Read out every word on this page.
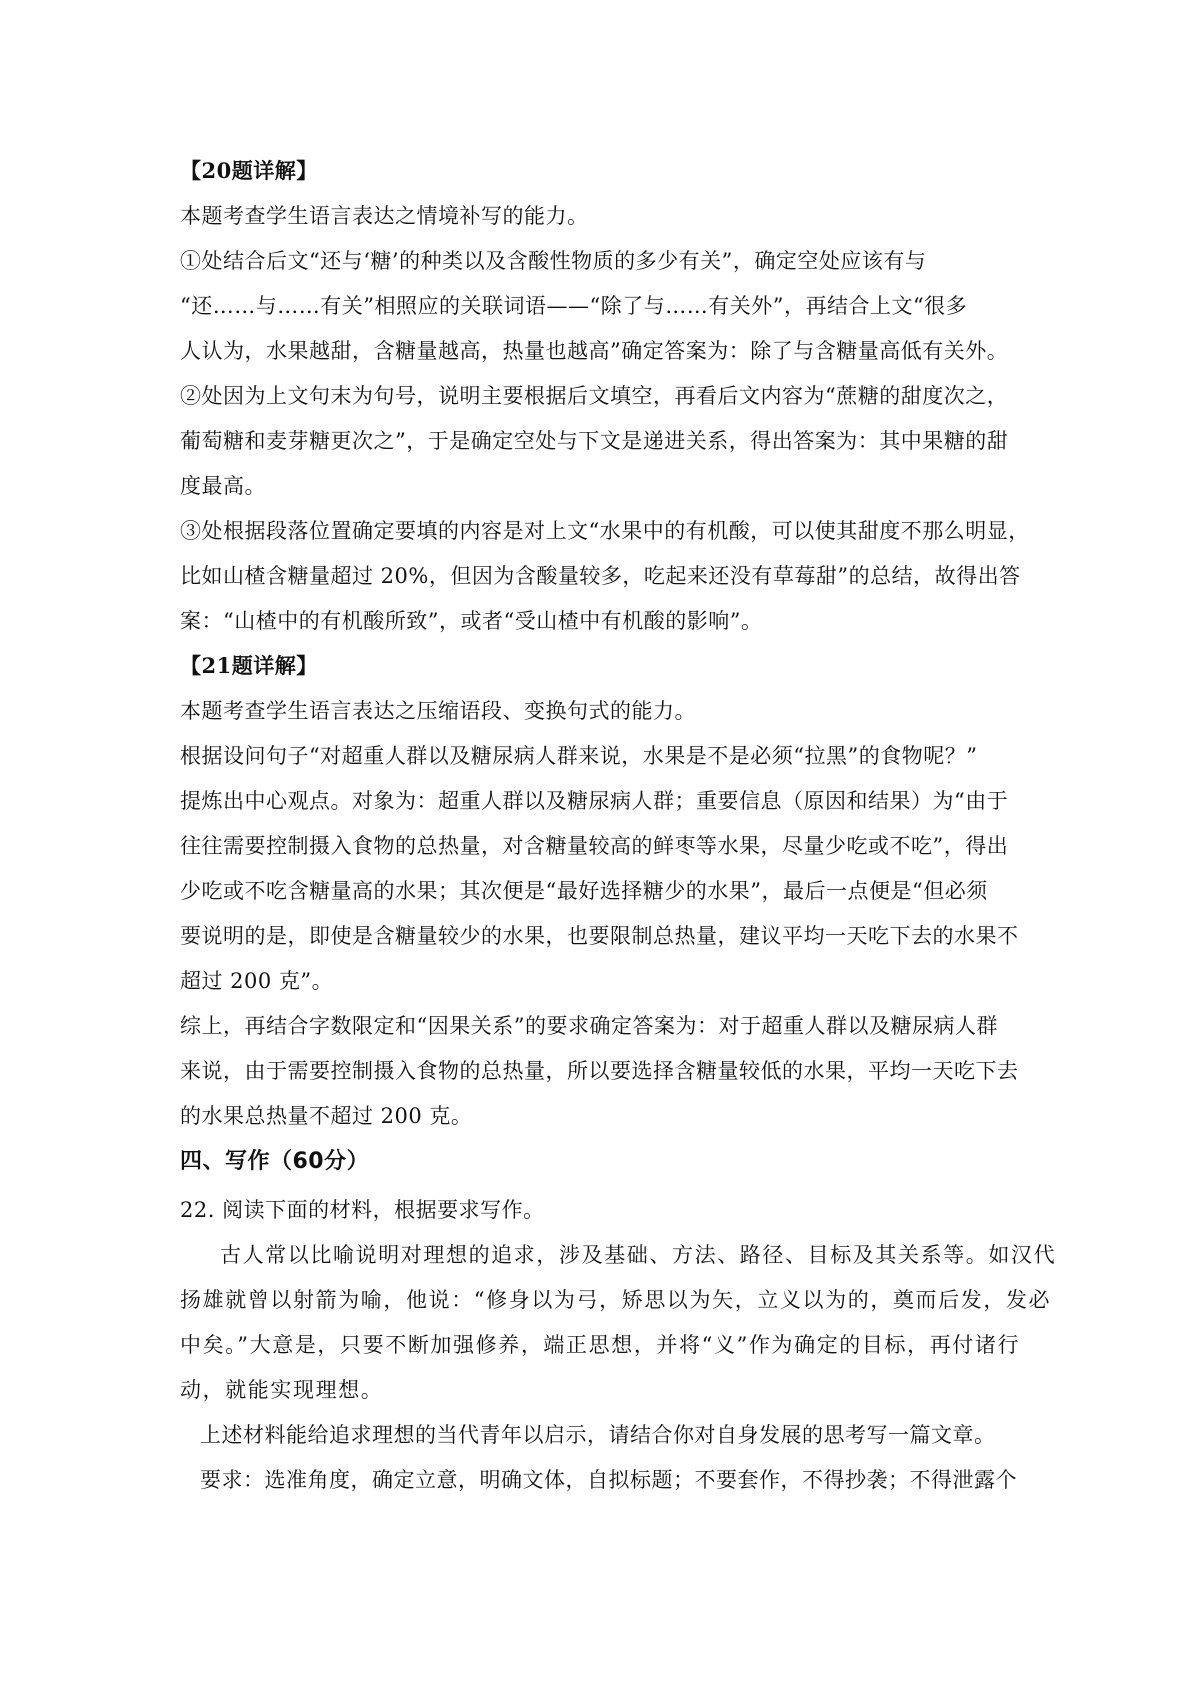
【20题详解】
本题考查学生语言表达之情境补写的能力。
①处结合后文“还与‘糖’的种类以及含酸性物质的多少有关”，确定空处应该有与
“还……与……有关”相照应的关联词语——“除了与……有关外”，再结合上文“很多
人认为，水果越甜，含糖量越高，热量也越高”确定答案为：除了与含糖量高低有关外。
②处因为上文句末为句号，说明主要根据后文填空，再看后文内容为“蔗糖的甜度次之，
葡萄糖和麦芽糖更次之”，于是确定空处与下文是递进关系，得出答案为：其中果糖的甜
度最高。
③处根据段落位置确定要填的内容是对上文“水果中的有机酸，可以使其甜度不那么明显，
比如山楂含糖量超过 20%，但因为含酸量较多，吃起来还没有草莓甜”的总结，故得出答
案：“山楂中的有机酸所致”，或者“受山楂中有机酸的影响”。
【21题详解】
本题考查学生语言表达之压缩语段、变换句式的能力。
根据设问句子“对超重人群以及糖尿病人群来说，水果是不是必须“拉黑”的食物呢？”
提炼出中心观点。对象为：超重人群以及糖尿病人群；重要信息（原因和结果）为“由于
往往需要控制摄入食物的总热量，对含糖量较高的鲜枣等水果，尽量少吃或不吃”，得出
少吃或不吃含糖量高的水果；其次便是“最好选择糖少的水果”，最后一点便是“但必须
要说明的是，即使是含糖量较少的水果，也要限制总热量，建议平均一天吃下去的水果不
超过 200 克”。
综上，再结合字数限定和“因果关系”的要求确定答案为：对于超重人群以及糖尿病人群
来说，由于需要控制摄入食物的总热量，所以要选择含糖量较低的水果，平均一天吃下去
的水果总热量不超过 200 克。
四、写作（60分）
22. 阅读下面的材料，根据要求写作。
古人常以比喻说明对理想的追求，涉及基础、方法、路径、目标及其关系等。如汉代
扬雄就曾以射箭为喻，他说：“修身以为弓，矫思以为矢，立义以为的，奠而后发，发必
中矣。”大意是，只要不断加强修养，端正思想，并将“义”作为确定的目标，再付诸行
动，就能实现理想。
上述材料能给追求理想的当代青年以启示，请结合你对自身发展的思考写一篇文章。
要求：选准角度，确定立意，明确文体，自拟标题；不要套作，不得抄袭；不得泄露个
